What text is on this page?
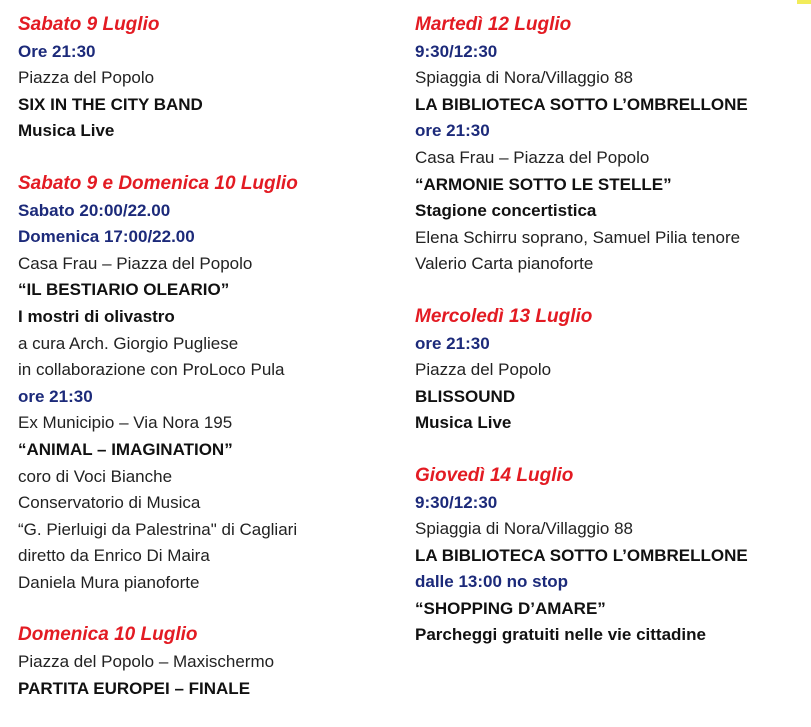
Sabato 9 Luglio
Ore 21:30
Piazza del Popolo
SIX IN THE CITY BAND
Musica Live
Sabato 9 e Domenica 10 Luglio
Sabato 20:00/22.00
Domenica 17:00/22.00
Casa Frau – Piazza del Popolo
“IL BESTIARIO OLEARIO”
I mostri di olivastro
a cura Arch. Giorgio Pugliese
in collaborazione con ProLoco Pula
ore 21:30
Ex Municipio – Via Nora 195
“ANIMAL – IMAGINATION”
coro di Voci Bianche
Conservatorio di Musica
“G. Pierluigi da Palestrina" di Cagliari
diretto da Enrico Di Maira
Daniela Mura pianoforte
Domenica 10 Luglio
Piazza del Popolo – Maxischermo
PARTITA EUROPEI – FINALE
Martedì 12 Luglio
9:30/12:30
Spiaggia di Nora/Villaggio 88
LA BIBLIOTECA SOTTO L’OMBRELLONE
ore 21:30
Casa Frau – Piazza del Popolo
“ARMONIE SOTTO LE STELLE”
Stagione concertistica
Elena Schirru soprano, Samuel Pilia tenore
Valerio Carta pianoforte
Mercoledì 13 Luglio
ore 21:30
Piazza del Popolo
BLISSOUND
Musica Live
Giovedì 14 Luglio
9:30/12:30
Spiaggia di Nora/Villaggio 88
LA BIBLIOTECA SOTTO L’OMBRELLONE
dalle 13:00 no stop
“SHOPPING D’AMARE”
Parcheggi gratuiti nelle vie cittadine
